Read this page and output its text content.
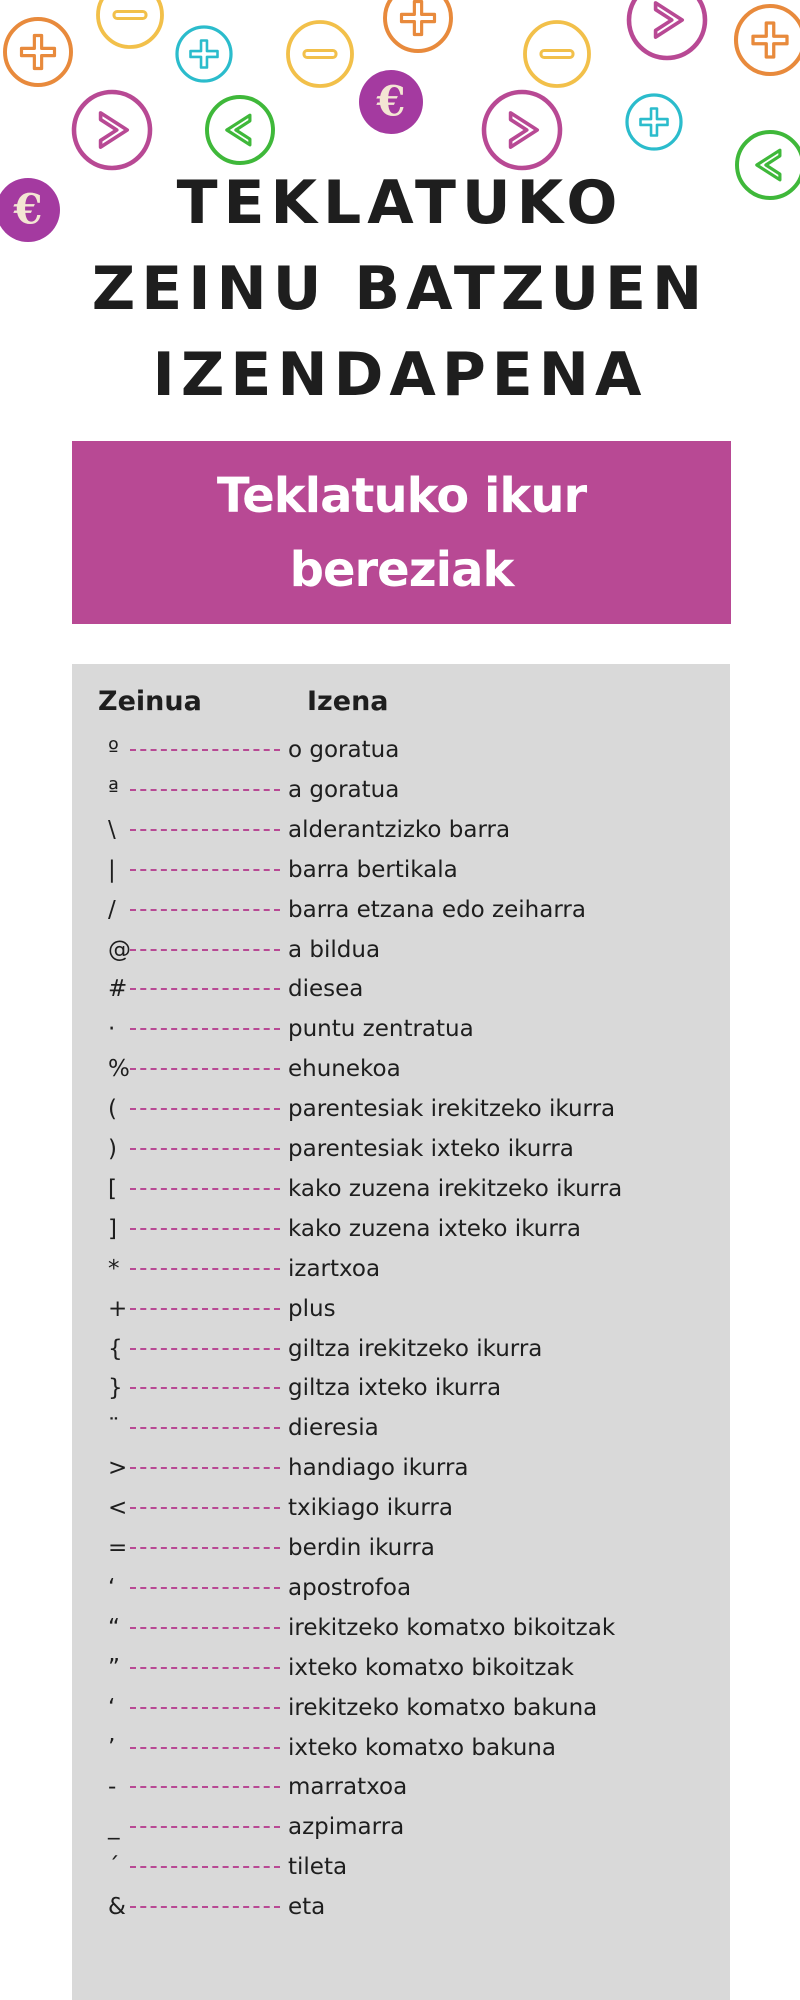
€
€	TEKLATUKO
ZEINU BATZUEN
IZENDAPENA
Teklatuko ikur
bereziak
Zeinua	Izena
º	o goratua
ª	a goratua
\	alderantzizko barra
|	barra bertikala
/	barra etzana edo zeiharra
@	a bildua
#	diesea
·	puntu zentratua
%	ehunekoa
(	parentesiak irekitzeko ikurra
)	parentesiak ixteko ikurra
[	kako zuzena irekitzeko ikurra
]	kako zuzena ixteko ikurra
*	izartxoa
+	plus
{	giltza irekitzeko ikurra
}	giltza ixteko ikurra
¨	dieresia
>	handiago ikurra
<	txikiago ikurra
=	berdin ikurra
‘	apostrofoa
“	irekitzeko komatxo bikoitzak
”	ixteko komatxo bikoitzak
‘	irekitzeko komatxo bakuna
’	ixteko komatxo bakuna
-	marratxoa
_	azpimarra
´	tileta
&	eta
